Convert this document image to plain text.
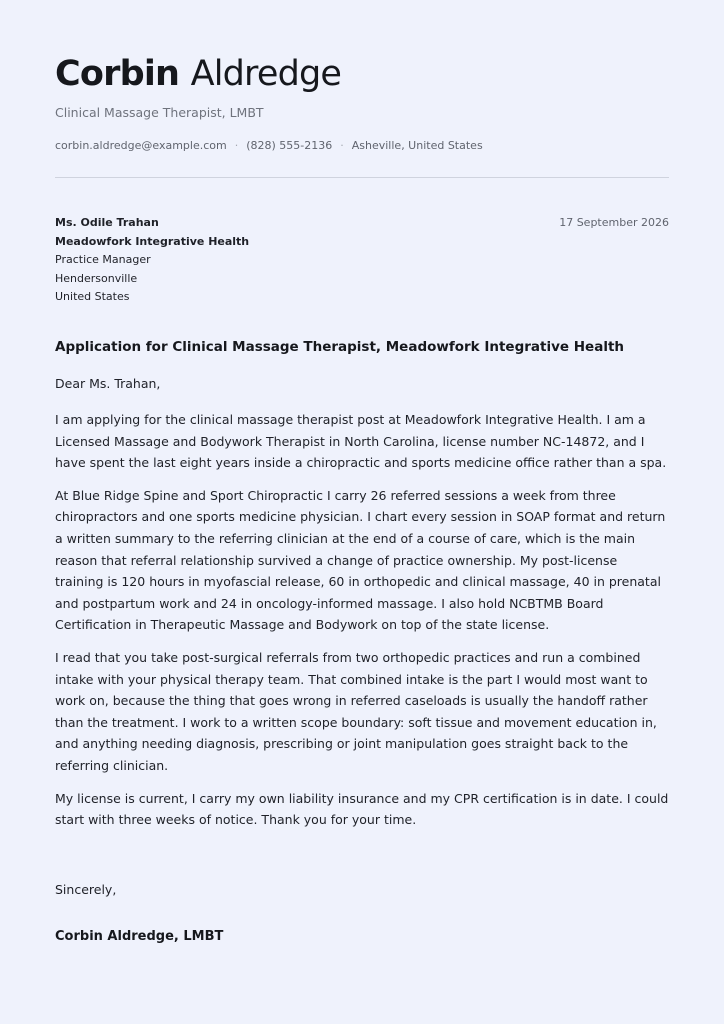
Corbin Aldredge
Clinical Massage Therapist, LMBT
corbin.aldredge@example.com · (828) 555-2136 · Asheville, United States
Ms. Odile Trahan
Meadowfork Integrative Health
Practice Manager
Hendersonville
United States
17 September 2026
Application for Clinical Massage Therapist, Meadowfork Integrative Health
Dear Ms. Trahan,

I am applying for the clinical massage therapist post at Meadowfork Integrative Health. I am a Licensed Massage and Bodywork Therapist in North Carolina, license number NC-14872, and I have spent the last eight years inside a chiropractic and sports medicine office rather than a spa.

At Blue Ridge Spine and Sport Chiropractic I carry 26 referred sessions a week from three chiropractors and one sports medicine physician. I chart every session in SOAP format and return a written summary to the referring clinician at the end of a course of care, which is the main reason that referral relationship survived a change of practice ownership. My post-license training is 120 hours in myofascial release, 60 in orthopedic and clinical massage, 40 in prenatal and postpartum work and 24 in oncology-informed massage. I also hold NCBTMB Board Certification in Therapeutic Massage and Bodywork on top of the state license.

I read that you take post-surgical referrals from two orthopedic practices and run a combined intake with your physical therapy team. That combined intake is the part I would most want to work on, because the thing that goes wrong in referred caseloads is usually the handoff rather than the treatment. I work to a written scope boundary: soft tissue and movement education in, and anything needing diagnosis, prescribing or joint manipulation goes straight back to the referring clinician.

My license is current, I carry my own liability insurance and my CPR certification is in date. I could start with three weeks of notice. Thank you for your time.

Sincerely,
Corbin Aldredge, LMBT
